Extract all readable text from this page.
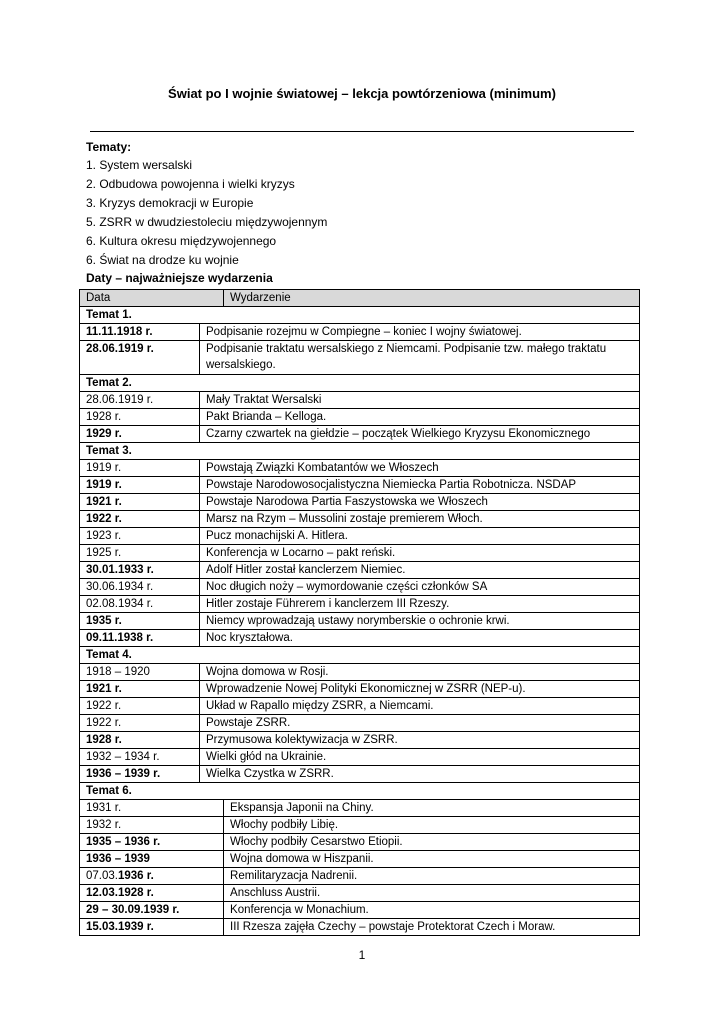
Świat po I wojnie światowej – lekcja powtórzeniowa (minimum)
Tematy:
1. System wersalski
2. Odbudowa powojenna i wielki kryzys
3. Kryzys demokracji w Europie
5. ZSRR w dwudziestoleciu międzywojennym
6. Kultura okresu międzywojennego
6. Świat na drodze ku wojnie
Daty – najważniejsze wydarzenia
Data		Wydarzenie
Temat 1.		
11.11.1918 r.	Podpisanie rozejmu w Compiegne – koniec I wojny światowej.	
28.06.1919 r.	Podpisanie traktatu wersalskiego z Niemcami. Podpisanie tzw. małego traktatu wersalskiego.	
Temat 2.		
28.06.1919 r.	Mały Traktat Wersalski	
1928 r.	Pakt Brianda – Kelloga.	
1929 r.	Czarny czwartek na giełdzie – początek Wielkiego Kryzysu Ekonomicznego	
Temat 3.		
1919 r.	Powstają Związki Kombatantów we Włoszech	
1919 r.	Powstaje Narodowosocjalistyczna Niemiecka Partia Robotnicza. NSDAP	
1921 r.	Powstaje Narodowa Partia Faszystowska we Włoszech	
1922 r.	Marsz na Rzym – Mussolini zostaje premierem Włoch.	
1923 r.	Pucz monachijski A. Hitlera.	
1925 r.	Konferencja w Locarno – pakt reński.	
30.01.1933 r.	Adolf Hitler został kanclerzem Niemiec.	
30.06.1934 r.	Noc długich noży – wymordowanie części członków SA	
02.08.1934 r.	Hitler zostaje Führerem i kanclerzem III Rzeszy.	
1935 r.	Niemcy wprowadzają ustawy norymberskie o ochronie krwi.	
09.11.1938 r.	Noc kryształowa.	
Temat 4.		
1918 – 1920	Wojna domowa w Rosji.	
1921 r.	Wprowadzenie Nowej Polityki Ekonomicznej w ZSRR (NEP-u).	
1922 r.	Układ w Rapallo między ZSRR, a Niemcami.	
1922 r.	Powstaje ZSRR.	
1928 r.	Przymusowa kolektywizacja w ZSRR.	
1932 – 1934 r.	Wielki głód na Ukrainie.	
1936 – 1939 r.	Wielka Czystka w ZSRR.	
Temat 6.		
1931 r.		Ekspansja Japonii na Chiny.
1932 r.		Włochy podbiły Libię.
1935 – 1936 r.		Włochy podbiły Cesarstwo Etiopii.
1936 – 1939		Wojna domowa w Hiszpanii.
07.03.1936 r.		Remilitaryzacja Nadrenii.
12.03.1928 r.		Anschluss Austrii.
29 – 30.09.1939 r.		Konferencja w Monachium.
15.03.1939 r.		III Rzesza zajęła Czechy – powstaje Protektorat Czech i Moraw.
1
